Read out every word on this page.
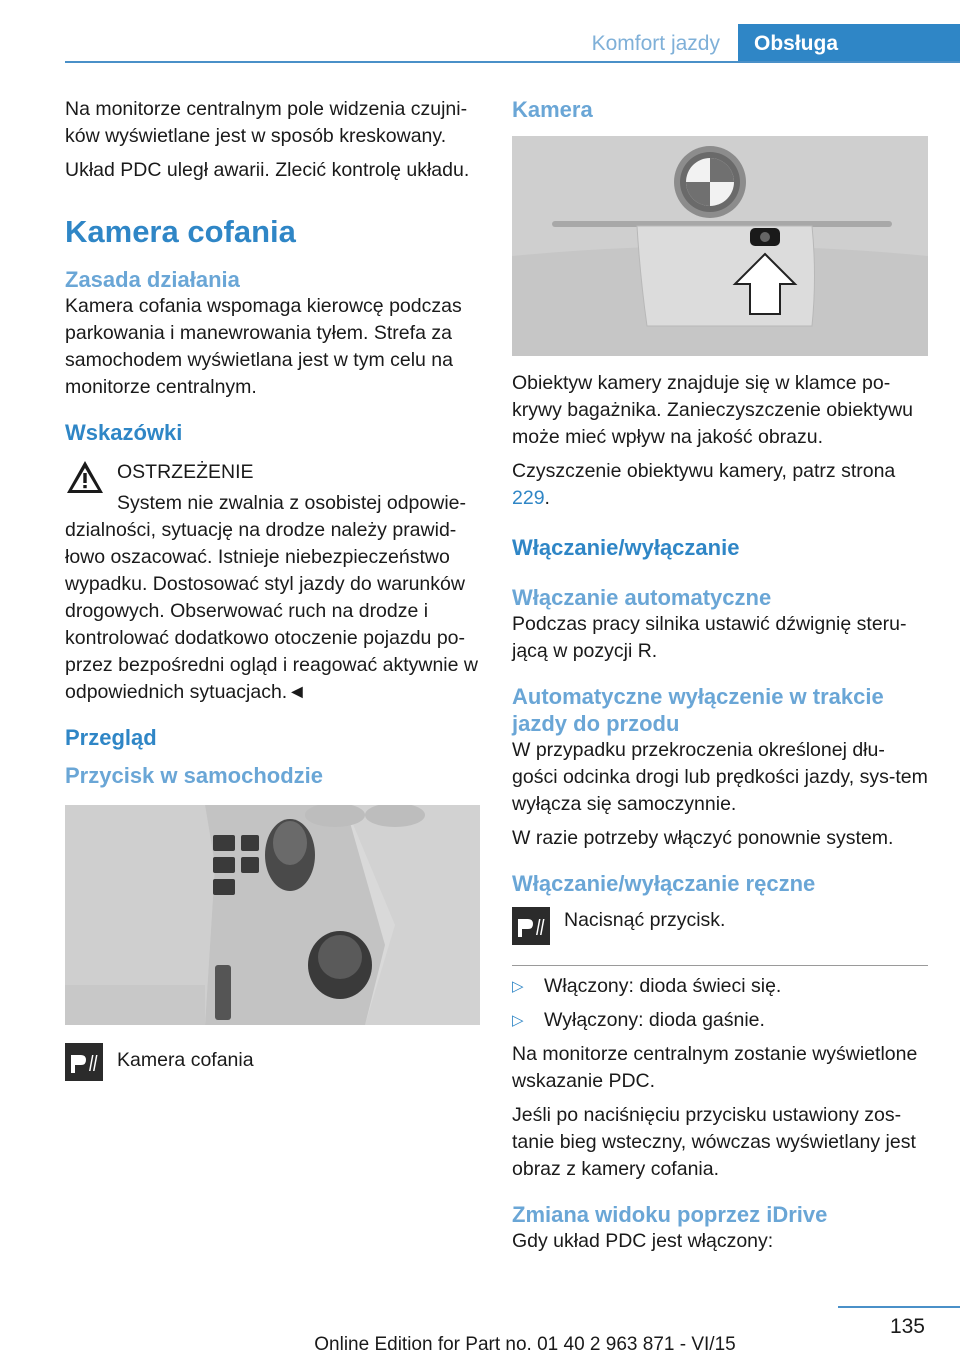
Komfort jazdy	Obsługa

Na monitorze centralnym pole widzenia czujni-ków wyświetlane jest w sposób kreskowany.

Układ PDC uległ awarii. Zlecić kontrolę układu.

Kamera cofania
Zasada działania

Kamera cofania wspomaga kierowcę podczas parkowania i manewrowania tyłem. Strefa za samochodem wyświetlana jest w tym celu na monitorze centralnym.

Wskazówki

OSTRZEŻENIE

System nie zwalnia z osobistej odpowie-

dzialności, sytuację na drodze należy prawid-łowo oszacować. Istnieje niebezpieczeństwo wypadku. Dostosować styl jazdy do warunków drogowych. Obserwować ruch na drodze i kontrolować dodatkowo otoczenie pojazdu po-przez bezpośredni ogląd i reagować aktywnie w odpowiednich sytuacjach.◄

Przegląd
Przycisk w samochodzie

Kamera cofania

Kamera

Obiektyw kamery znajduje się w klamce po-krywy bagażnika. Zanieczyszczenie obiektywu może mieć wpływ na jakość obrazu.

Czyszczenie obiektywu kamery, patrz strona 229.

Włączanie/wyłączanie
Włączanie automatyczne

Podczas pracy silnika ustawić dźwignię steru-jącą w pozycji R.

Automatyczne wyłączenie w trakcie jazdy do przodu

W przypadku przekroczenia określonej dłu-gości odcinka drogi lub prędkości jazdy, sys-tem wyłącza się samoczynnie.

W razie potrzeby włączyć ponownie system.

Włączanie/wyłączanie ręczne

Nacisnąć przycisk.

▷ Włączony: dioda świeci się.
▷ Wyłączony: dioda gaśnie.

Na monitorze centralnym zostanie wyświetlone wskazanie PDC.

Jeśli po naciśnięciu przycisku ustawiony zos-tanie bieg wsteczny, wówczas wyświetlany jest obraz z kamery cofania.

Zmiana widoku poprzez iDrive

Gdy układ PDC jest włączony:

135
Online Edition for Part no. 01 40 2 963 871 - VI/15
